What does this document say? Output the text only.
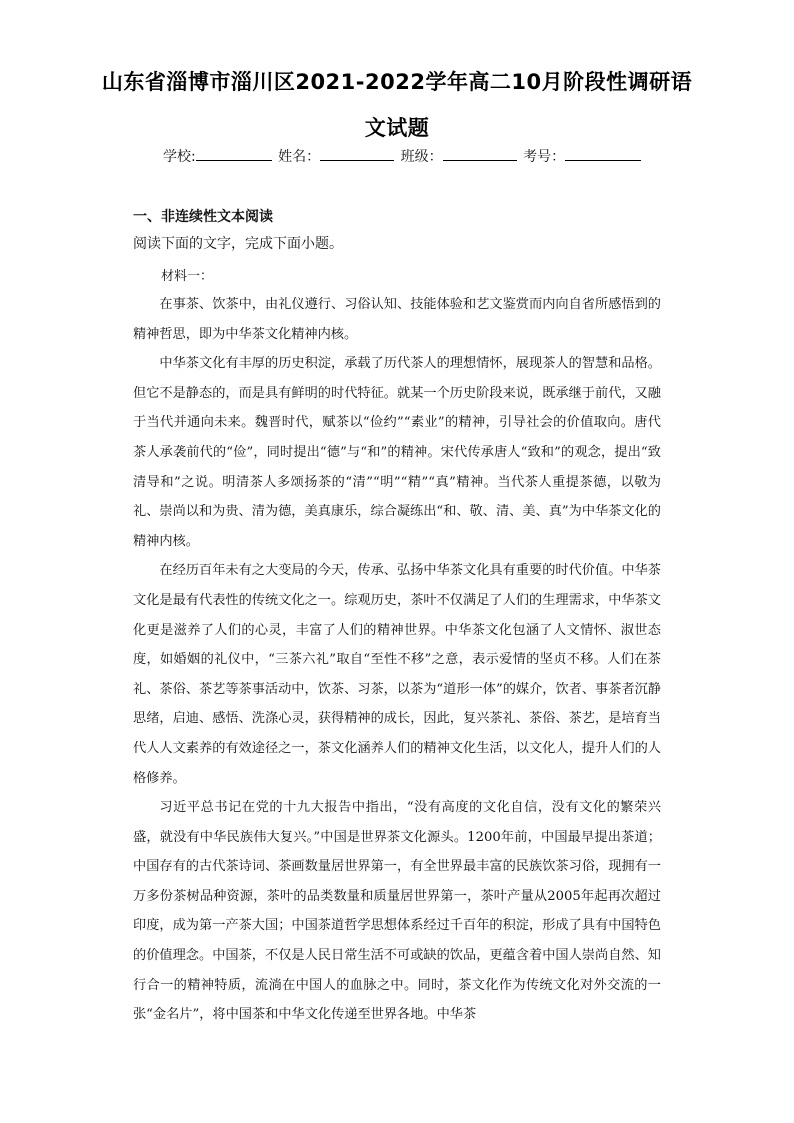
山东省淄博市淄川区2021-2022学年高二10月阶段性调研语
文试题
学校:	姓名：	班级：	考号：
一、非连续性文本阅读
阅读下面的文字，完成下面小题。
材料一：

在事茶、饮茶中，由礼仪遵行、习俗认知、技能体验和艺文鉴赏而内向自省所感悟到的精神哲思，即为中华茶文化精神内核。

中华茶文化有丰厚的历史积淀，承载了历代茶人的理想情怀，展现茶人的智慧和品格。但它不是静态的，而是具有鲜明的时代特征。就某一个历史阶段来说，既承继于前代，又融于当代并通向未来。魏晋时代，赋茶以“俭约”“素业”的精神，引导社会的价值取向。唐代茶人承袭前代的“俭”，同时提出“德”与“和”的精神。宋代传承唐人“致和”的观念，提出“致清导和”之说。明清茶人多颂扬茶的“清”“明”“精”“真”精神。当代茶人重提茶德，以敬为礼、崇尚以和为贵、清为德，美真康乐，综合凝练出“和、敬、清、美、真”为中华茶文化的精神内核。

在经历百年未有之大变局的今天，传承、弘扬中华茶文化具有重要的时代价值。中华茶文化是最有代表性的传统文化之一。综观历史，茶叶不仅满足了人们的生理需求，中华茶文化更是滋养了人们的心灵，丰富了人们的精神世界。中华茶文化包涵了人文情怀、淑世态度，如婚姻的礼仪中，“三茶六礼”取自“至性不移”之意，表示爱情的坚贞不移。人们在茶礼、茶俗、茶艺等茶事活动中，饮茶、习茶，以茶为“道形一体”的媒介，饮者、事茶者沉静思绪，启迪、感悟、洗涤心灵，获得精神的成长，因此，复兴茶礼、茶俗、茶艺，是培育当代人人文素养的有效途径之一，茶文化涵养人们的精神文化生活，以文化人，提升人们的人格修养。

习近平总书记在党的十九大报告中指出，“没有高度的文化自信，没有文化的繁荣兴盛，就没有中华民族伟大复兴。”中国是世界茶文化源头。1200年前，中国最早提出茶道；中国存有的古代茶诗词、茶画数量居世界第一，有全世界最丰富的民族饮茶习俗，现拥有一万多份茶树品种资源，茶叶的品类数量和质量居世界第一，茶叶产量从2005年起再次超过印度，成为第一产茶大国；中国茶道哲学思想体系经过千百年的积淀，形成了具有中国特色的价值理念。中国茶，不仅是人民日常生活不可或缺的饮品，更蕴含着中国人崇尚自然、知行合一的精神特质，流淌在中国人的血脉之中。同时，茶文化作为传统文化对外交流的一张“金名片”，将中国茶和中华文化传递至世界各地。中华茶
